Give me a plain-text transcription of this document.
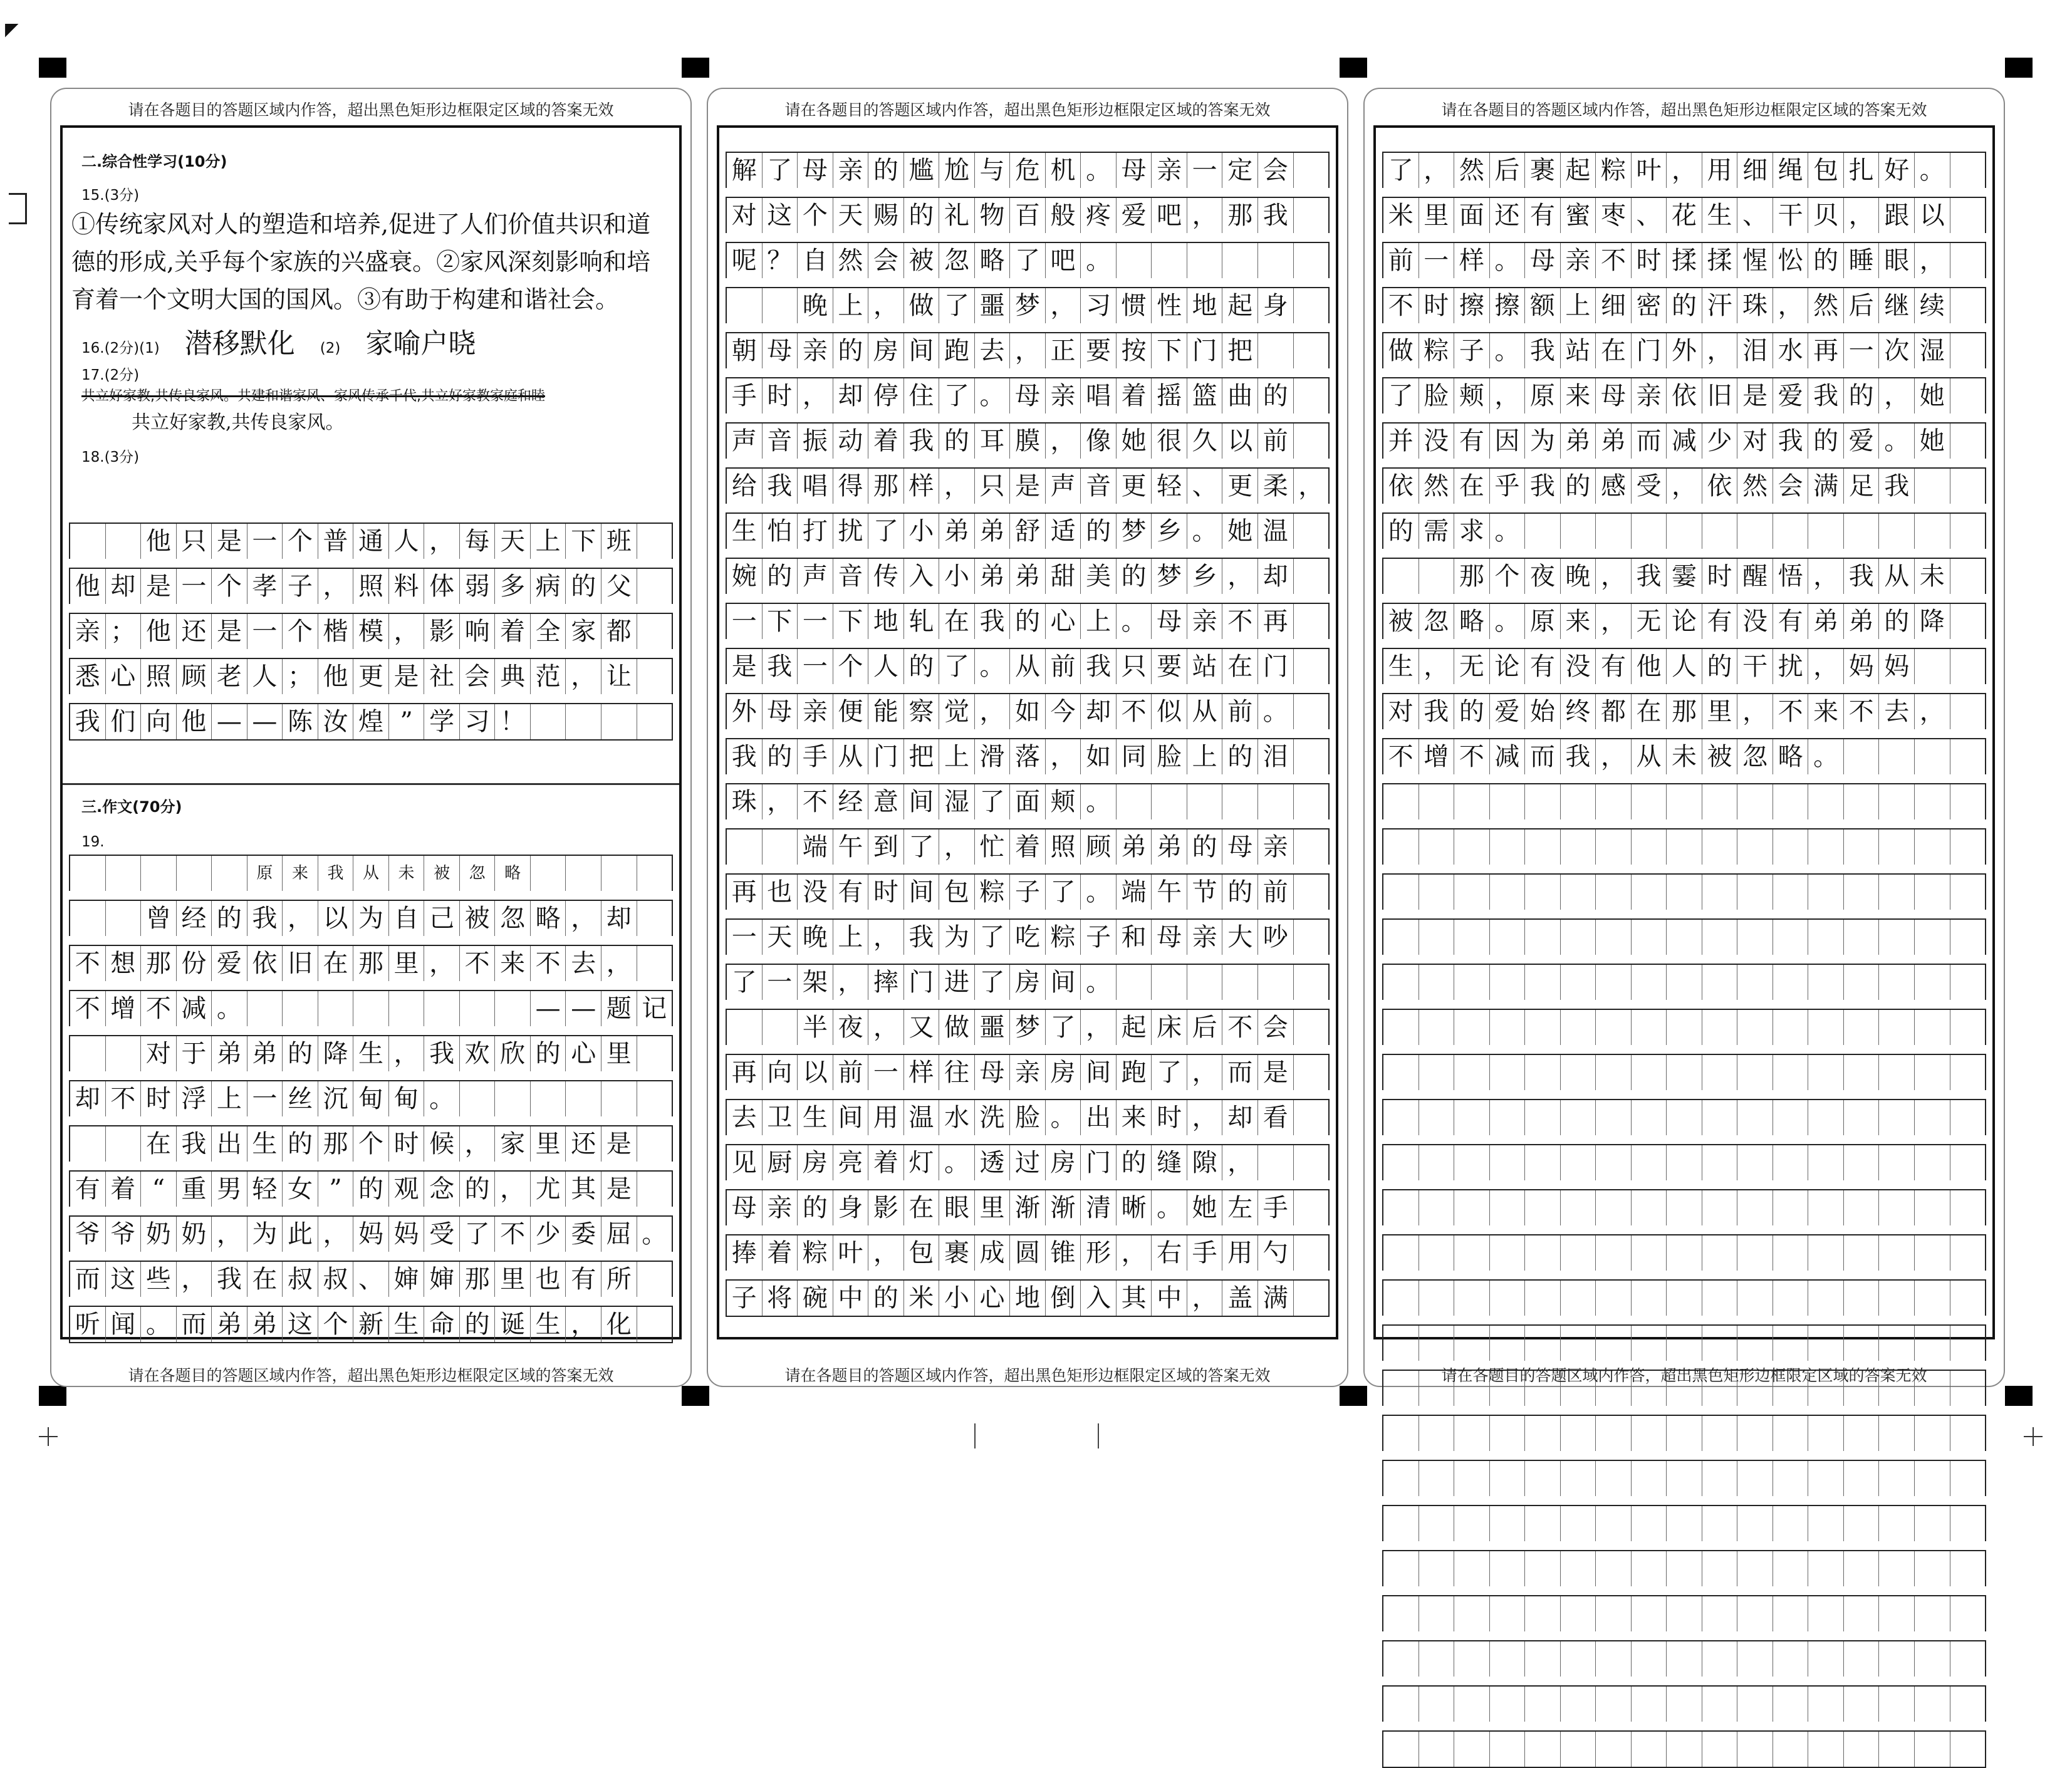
◤
请在各题目的答题区域内作答，超出黑色矩形边框限定区域的答案无效
二.综合性学习(10分)
15.(3分)
①传统家风对人的塑造和培养,促进了人们价值共识和道德的形成,关乎每个家族的兴盛衰。②家风深刻影响和培育着一个文明大国的国风。③有助于构建和谐社会。
16.(2分)(1) 潜移默化 (2) 家喻户晓
17.(2分)
共立好家教,共传良家风。共建和谐家风、家风传承千代,共立好家教家庭和睦
共立好家教,共传良家风。
18.(3分)
他 只 是 一 个 普 通 人 ， 每 天 上 下 班
他 却 是 一 个 孝 子 ， 照 料 体 弱 多 病 的 父
亲 ； 他 还 是 一 个 楷 模 ， 影 响 着 全 家 都
悉 心 照 顾 老 人 ； 他 更 是 社 会 典 范 ， 让
我 们 向 他 — — 陈 汝 煌 ” 学 习 ！
三.作文(70分)
19.
原	来	我	从	未	被	忽	略
曾 经 的 我 ， 以 为 自 己 被 忽 略 ， 却
不 想 那 份 爱 依 旧 在 那 里 ， 不 来 不 去 ，
不 增 不 减 。	— — 题 记
对 于 弟 弟 的 降 生 ， 我 欢 欣 的 心 里
却 不 时 浮 上 一 丝 沉 甸 甸 。
在 我 出 生 的 那 个 时 候 ， 家 里 还 是
有 着 “ 重 男 轻 女 ” 的 观 念 的 ， 尤 其 是
爷 爷 奶 奶 ， 为 此 ， 妈 妈 受 了 不 少 委 屈 。
而 这 些 ， 我 在 叔 叔 、 婶 婶 那 里 也 有 所
听 闻 。 而 弟 弟 这 个 新 生 命 的 诞 生 ， 化
请在各题目的答题区域内作答，超出黑色矩形边框限定区域的答案无效
请在各题目的答题区域内作答，超出黑色矩形边框限定区域的答案无效
解 了 母 亲 的 尴 尬 与 危 机 。 母 亲 一 定 会
对 这 个 天 赐 的 礼 物 百 般 疼 爱 吧 ， 那 我
呢 ？ 自 然 会 被 忽 略 了 吧 。
晚 上 ， 做 了 噩 梦 ， 习 惯 性 地 起 身
朝 母 亲 的 房 间 跑 去 ， 正 要 按 下 门 把
手 时 ， 却 停 住 了 。 母 亲 唱 着 摇 篮 曲 的
声 音 振 动 着 我 的 耳 膜 ， 像 她 很 久 以 前
给 我 唱 得 那 样 ， 只 是 声 音 更 轻 、 更 柔 ，
生 怕 打 扰 了 小 弟 弟 舒 适 的 梦 乡 。 她 温
婉 的 声 音 传 入 小 弟 弟 甜 美 的 梦 乡 ， 却
一 下 一 下 地 轧 在 我 的 心 上 。 母 亲 不 再
是 我 一 个 人 的 了 。 从 前 我 只 要 站 在 门
外 母 亲 便 能 察 觉 ， 如 今 却 不 似 从 前 。
我 的 手 从 门 把 上 滑 落 ， 如 同 脸 上 的 泪
珠 ， 不 经 意 间 湿 了 面 颊 。
端 午 到 了 ， 忙 着 照 顾 弟 弟 的 母 亲
再 也 没 有 时 间 包 粽 子 了 。 端 午 节 的 前
一 天 晚 上 ， 我 为 了 吃 粽 子 和 母 亲 大 吵
了 一 架 ， 摔 门 进 了 房 间 。
半 夜 ， 又 做 噩 梦 了 ， 起 床 后 不 会
再 向 以 前 一 样 往 母 亲 房 间 跑 了 ， 而 是
去 卫 生 间 用 温 水 洗 脸 。 出 来 时 ， 却 看
见 厨 房 亮 着 灯 。 透 过 房 门 的 缝 隙 ，
母 亲 的 身 影 在 眼 里 渐 渐 清 晰 。 她 左 手
捧 着 粽 叶 ， 包 裹 成 圆 锥 形 ， 右 手 用 勺
子 将 碗 中 的 米 小 心 地 倒 入 其 中 ， 盖 满
请在各题目的答题区域内作答，超出黑色矩形边框限定区域的答案无效
请在各题目的答题区域内作答，超出黑色矩形边框限定区域的答案无效
了 ， 然 后 裹 起 粽 叶 ， 用 细 绳 包 扎 好 。
米 里 面 还 有 蜜 枣 、 花 生 、 干 贝 ， 跟 以
前 一 样 。 母 亲 不 时 揉 揉 惺 忪 的 睡 眼 ，
不 时 擦 擦 额 上 细 密 的 汗 珠 ， 然 后 继 续
做 粽 子 。 我 站 在 门 外 ， 泪 水 再 一 次 湿
了 脸 颊 ， 原 来 母 亲 依 旧 是 爱 我 的 ， 她
并 没 有 因 为 弟 弟 而 减 少 对 我 的 爱 。 她
依 然 在 乎 我 的 感 受 ， 依 然 会 满 足 我
的 需 求 。
那 个 夜 晚 ， 我 霎 时 醒 悟 ， 我 从 未
被 忽 略 。 原 来 ， 无 论 有 没 有 弟 弟 的 降
生 ， 无 论 有 没 有 他 人 的 干 扰 ， 妈 妈
对 我 的 爱 始 终 都 在 那 里 ， 不 来 不 去 ，
不 增 不 减 而 我 ， 从 未 被 忽 略 。
请在各题目的答题区域内作答，超出黑色矩形边框限定区域的答案无效
